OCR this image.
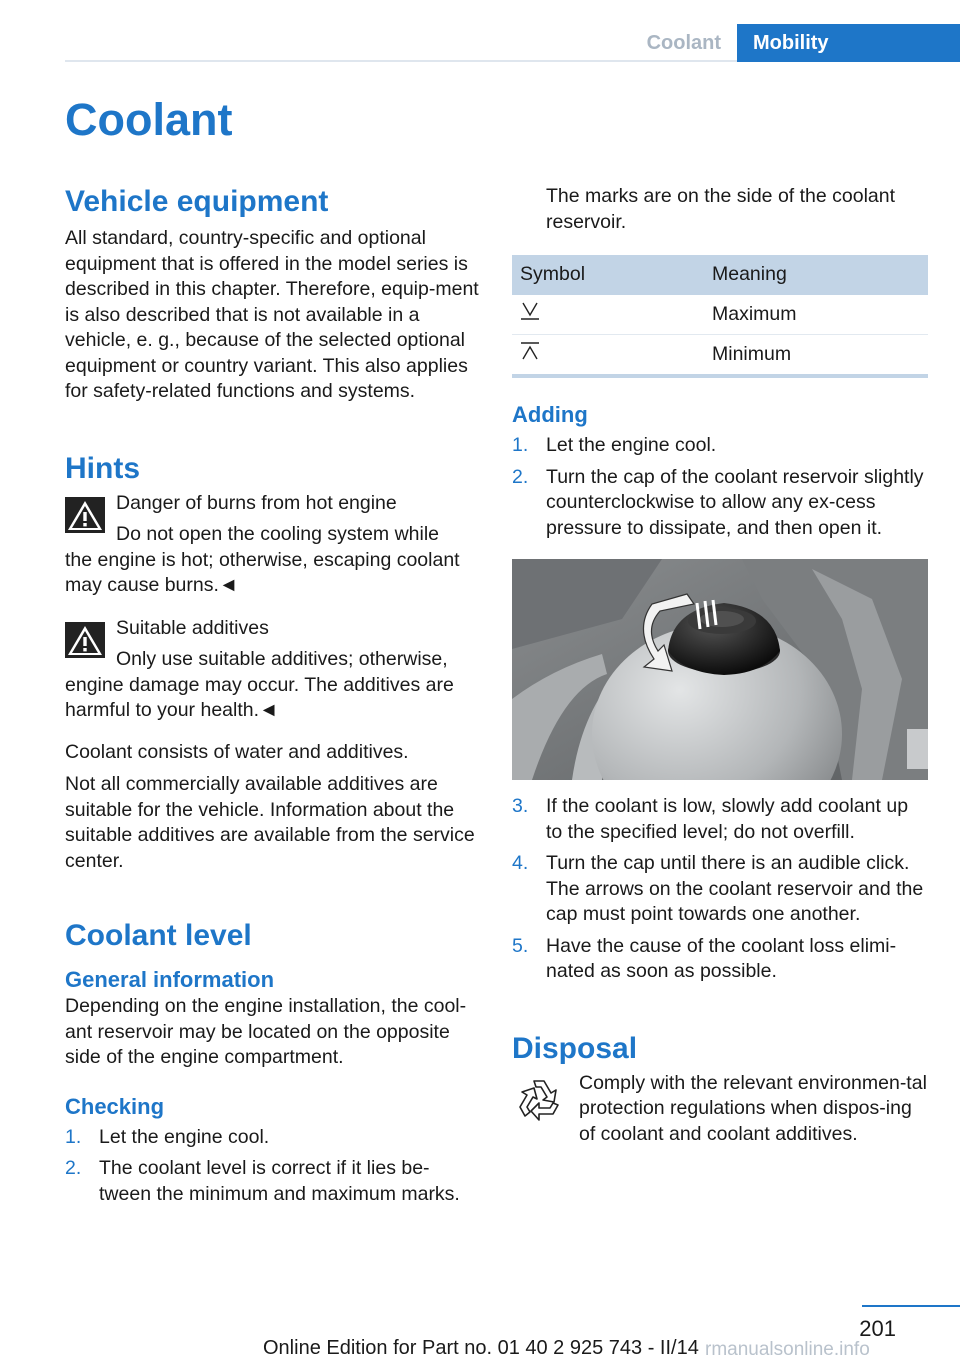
Coolant	Mobility
Coolant
Vehicle equipment

All standard, country-specific and optional equipment that is offered in the model series is described in this chapter. Therefore, equip-ment is also described that is not available in a vehicle, e. g., because of the selected optional equipment or country variant. This also applies for safety-related functions and systems.

Hints

Danger of burns from hot engine

Do not open the cooling system while

the engine is hot; otherwise, escaping coolant may cause burns.◄

Suitable additives

Only use suitable additives; otherwise,

engine damage may occur. The additives are harmful to your health.◄

Coolant consists of water and additives.

Not all commercially available additives are suitable for the vehicle. Information about the suitable additives are available from the service center.

Coolant level
General information

Depending on the engine installation, the cool-ant reservoir may be located on the opposite side of the engine compartment.

Checking
1. Let the engine cool.
2. The coolant level is correct if it lies be-tween the minimum and maximum marks.

The marks are on the side of the coolant reservoir.

Symbol	Meaning
	Maximum
	Minimum
Adding
1. Let the engine cool.
2. Turn the cap of the coolant reservoir slightly counterclockwise to allow any ex-cess pressure to dissipate, and then open it.
3. If the coolant is low, slowly add coolant up to the specified level; do not overfill.
4. Turn the cap until there is an audible click. The arrows on the coolant reservoir and the cap must point towards one another.
5. Have the cause of the coolant loss elimi-nated as soon as possible.
Disposal

Comply with the relevant environmen-tal protection regulations when dispos-ing of coolant and coolant additives.

201
Online Edition for Part no. 01 40 2 925 743 - II/14 rmanualsonline.info
